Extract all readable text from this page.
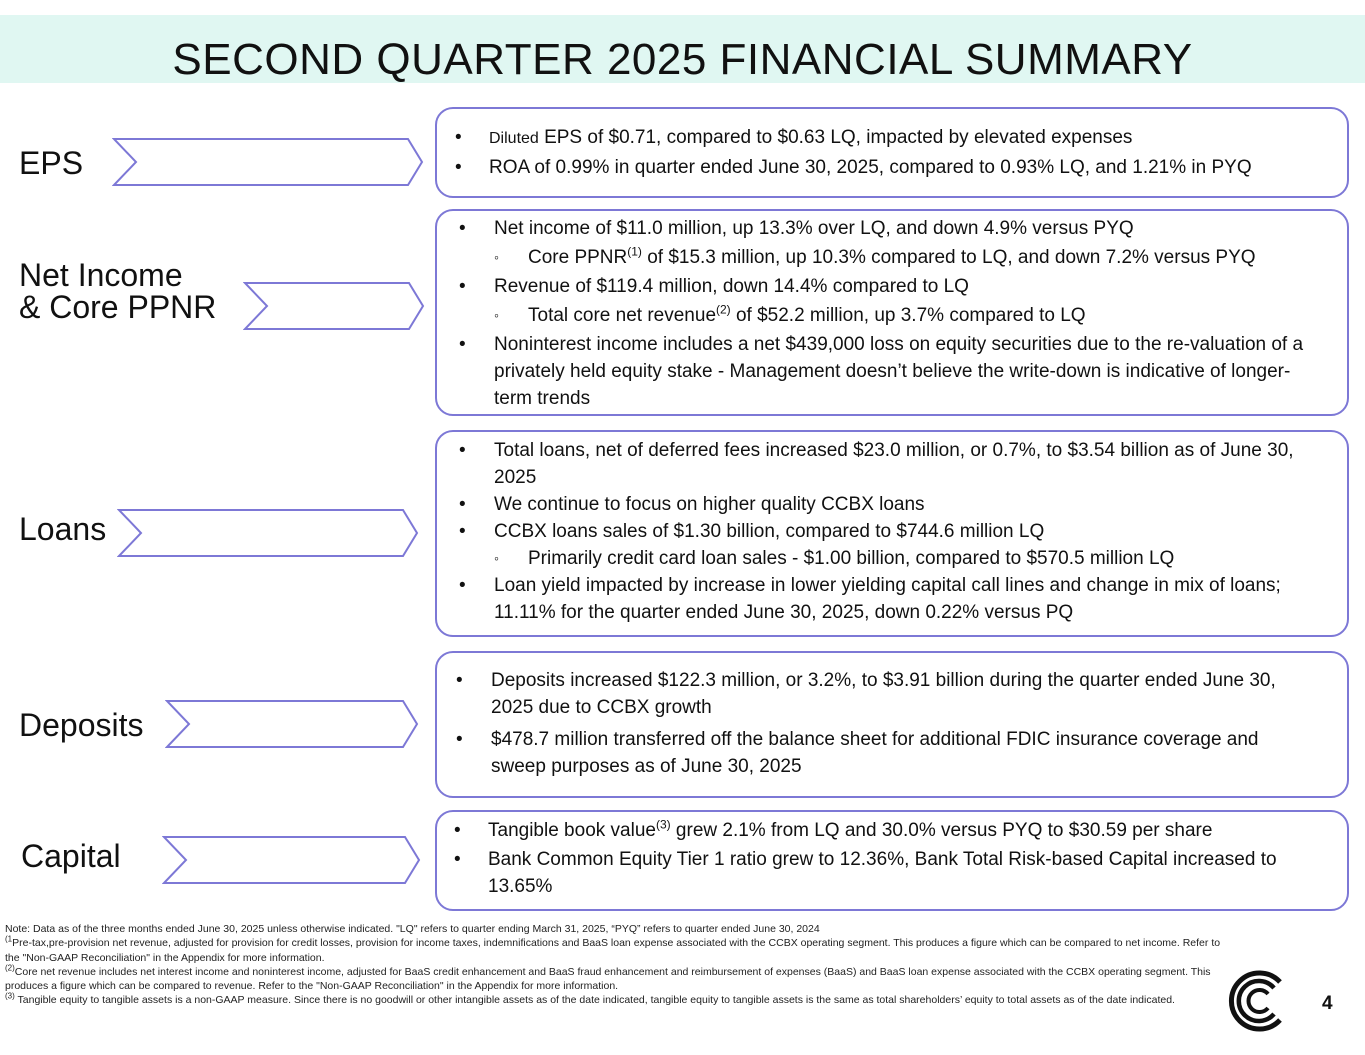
SECOND QUARTER 2025 FINANCIAL SUMMARY
EPS
• Diluted EPS of $0.71, compared to $0.63 LQ, impacted by elevated expenses
• ROA of 0.99% in quarter ended June 30, 2025, compared to 0.93% LQ, and 1.21% in PYQ
Net Income
& Core PPNR
• Net income of $11.0 million, up 13.3% over LQ, and down 4.9% versus PYQ
◦ Core PPNR$^{(1)}$ of $15.3 million, up 10.3% compared to LQ, and down 7.2% versus PYQ
• Revenue of $119.4 million, down 14.4% compared to LQ
◦ Total core net revenue$^{(2)}$ of $52.2 million, up 3.7% compared to LQ
• Noninterest income includes a net $439,000 loss on equity securities due to the re-valuation of a privately held equity stake - Management doesn’t believe the write-down is indicative of longer-term trends
Loans
• Total loans, net of deferred fees increased $23.0 million, or 0.7%, to $3.54 billion as of June 30, 2025
• We continue to focus on higher quality CCBX loans
• CCBX loans sales of $1.30 billion, compared to $744.6 million LQ
◦ Primarily credit card loan sales - $1.00 billion, compared to $570.5 million LQ
• Loan yield impacted by increase in lower yielding capital call lines and change in mix of loans; 11.11% for the quarter ended June 30, 2025, down 0.22% versus PQ
Deposits
• Deposits increased $122.3 million, or 3.2%, to $3.91 billion during the quarter ended June 30, 2025 due to CCBX growth
• $478.7 million transferred off the balance sheet for additional FDIC insurance coverage and sweep purposes as of June 30, 2025
Capital
• Tangible book value$^{(3)}$ grew 2.1% from LQ and 30.0% versus PYQ to $30.59 per share
• Bank Common Equity Tier 1 ratio grew to 12.36%, Bank Total Risk-based Capital increased to 13.65%

Note: Data as of the three months ended June 30, 2025 unless otherwise indicated. "LQ" refers to quarter ending March 31, 2025, “PYQ” refers to quarter ended June 30, 2024

$^{(1}$Pre-tax,pre-provision net revenue, adjusted for provision for credit losses, provision for income taxes, indemnifications and BaaS loan expense associated with the CCBX operating segment. This produces a figure which can be compared to net income. Refer to the "Non-GAAP Reconciliation" in the Appendix for more information.

$^{(2)}$Core net revenue includes net interest income and noninterest income, adjusted for BaaS credit enhancement and BaaS fraud enhancement and reimbursement of expenses (BaaS) and BaaS loan expense associated with the CCBX operating segment. This produces a figure which can be compared to revenue. Refer to the "Non-GAAP Reconciliation" in the Appendix for more information.

$^{(3)}$ Tangible equity to tangible assets is a non-GAAP measure. Since there is no goodwill or other intangible assets as of the date indicated, tangible equity to tangible assets is the same as total shareholders’ equity to total assets as of the date indicated.	4
